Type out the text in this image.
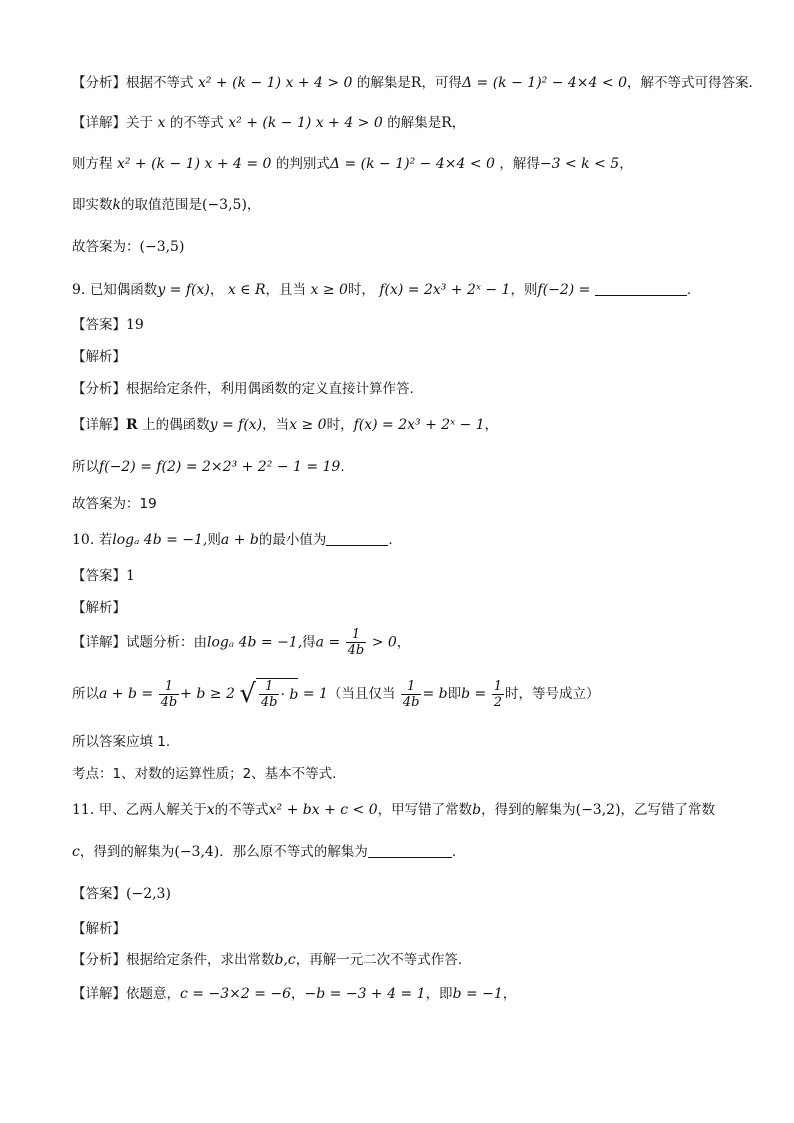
【分析】根据不等式 x² + (k − 1) x + 4 > 0 的解集是R，可得Δ = (k − 1)² − 4×4 < 0，解不等式可得答案.
【详解】关于 x 的不等式 x² + (k − 1) x + 4 > 0 的解集是R，
则方程 x² + (k − 1) x + 4 = 0 的判别式Δ = (k − 1)² − 4×4 < 0 ，解得−3 < k < 5，
即实数k的取值范围是(−3,5)，
故答案为：(−3,5)
9. 已知偶函数y = f(x)， x ∈ R，且当 x ≥ 0时， f(x) = 2x³ + 2ˣ − 1，则f(−2) =	.
【答案】19
【解析】
【分析】根据给定条件，利用偶函数的定义直接计算作答.
【详解】R 上的偶函数y = f(x)，当x ≥ 0时，f(x) = 2x³ + 2ˣ − 1，
所以f(−2) = f(2) = 2×2³ + 2² − 1 = 19.
故答案为：19
10. 若logₐ 4b = −1,则a + b的最小值为	.
【答案】1
【解析】
【详解】试题分析：由logₐ 4b = −1,得$a = \frac{1}{4b} > 0$，
所以$a + b = \frac{1}{4b} + b \ge 2$ √ $\frac{1}{4b} \cdot b = 1$（当且仅当 $\frac{1}{4b} = b$即$b = \frac{1}{2}$ 时，等号成立）
所以答案应填 1.
考点：1、对数的运算性质；2、基本不等式.
11. 甲、乙两人解关于x的不等式x² + bx + c < 0，甲写错了常数b，得到的解集为(−3,2)，乙写错了常数
c，得到的解集为(−3,4)．那么原不等式的解集为	.
【答案】(−2,3)
【解析】
【分析】根据给定条件，求出常数b,c，再解一元二次不等式作答.
【详解】依题意，c = −3×2 = −6，−b = −3 + 4 = 1，即b = −1，
